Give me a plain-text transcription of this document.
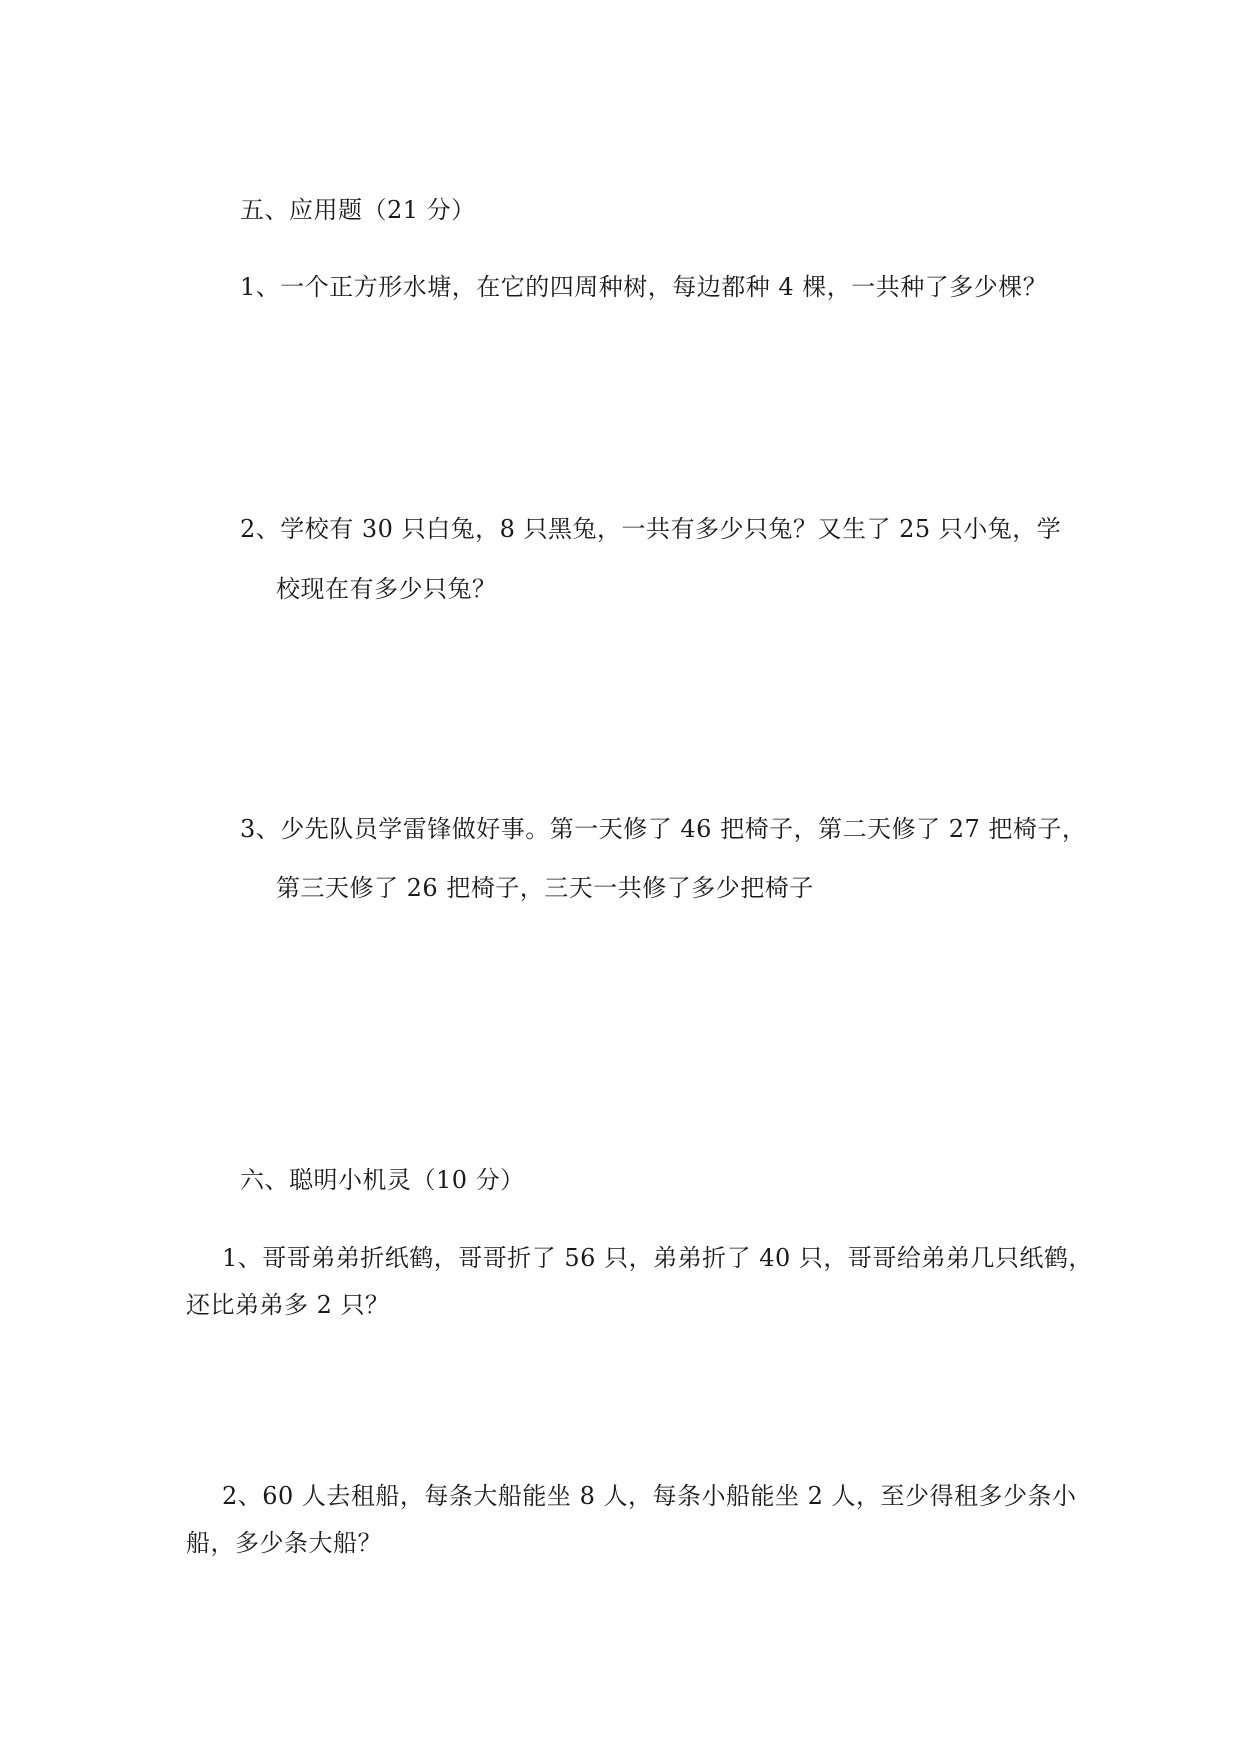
五、应用题（21 分）
1、一个正方形水塘，在它的四周种树，每边都种 4 棵，一共种了多少棵？
2、学校有 30 只白兔，8 只黑兔，一共有多少只兔？又生了 25 只小兔，学
校现在有多少只兔？
3、少先队员学雷锋做好事。第一天修了 46 把椅子，第二天修了 27 把椅子，
第三天修了 26 把椅子，三天一共修了多少把椅子
六、聪明小机灵（10 分）
1、哥哥弟弟折纸鹤，哥哥折了 56 只，弟弟折了 40 只，哥哥给弟弟几只纸鹤，
还比弟弟多 2 只？
2、60 人去租船，每条大船能坐 8 人，每条小船能坐 2 人，至少得租多少条小
船，多少条大船？
